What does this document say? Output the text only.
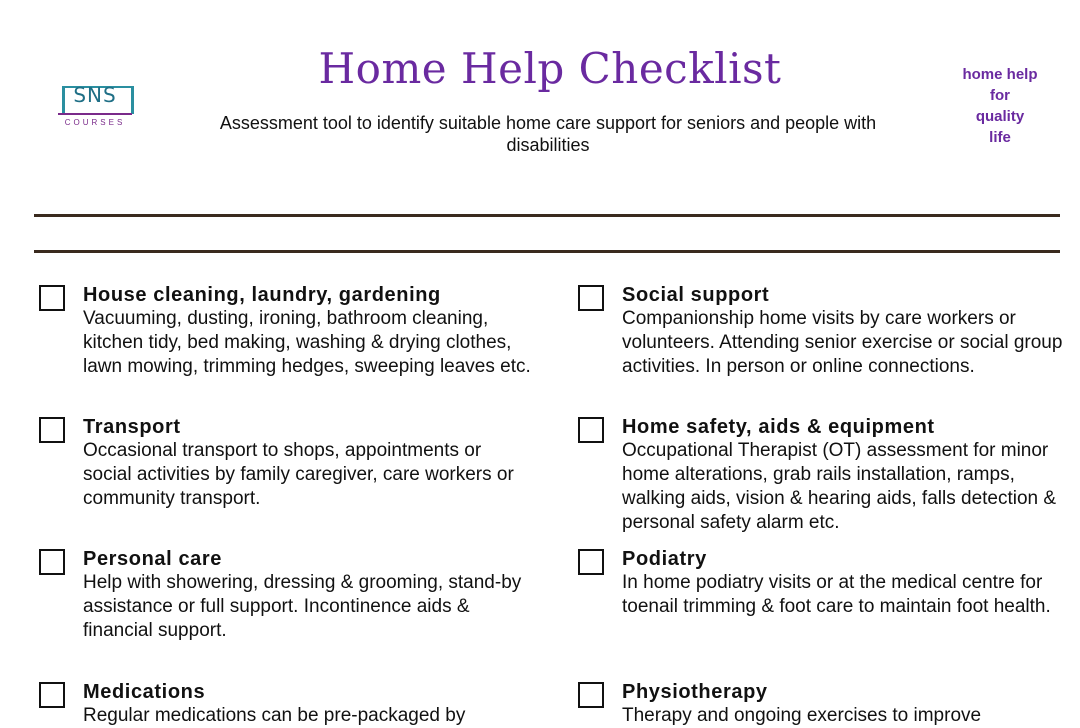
SNS
COURSES
Home Help Checklist
Assessment tool to identify suitable home care support for seniors and people with disabilities
home help
for
quality
life
House cleaning, laundry, gardening
Vacuuming, dusting, ironing, bathroom cleaning, kitchen tidy, bed making, washing & drying clothes, lawn mowing, trimming hedges, sweeping leaves etc.
Transport
Occasional transport to shops, appointments or social activities by family caregiver, care workers or community transport.
Personal care
Help with showering, dressing & grooming, stand-by assistance or full support. Incontinence aids & financial support.
Medications
Regular medications can be pre-packaged by
Social support
Companionship home visits by care workers or volunteers. Attending senior exercise or social group activities. In person or online connections.
Home safety, aids & equipment
Occupational Therapist (OT) assessment for minor home alterations, grab rails installation, ramps, walking aids, vision & hearing aids, falls detection & personal safety alarm etc.
Podiatry
In home podiatry visits or at the medical centre for toenail trimming & foot care to maintain foot health.
Physiotherapy
Therapy and ongoing exercises to improve
